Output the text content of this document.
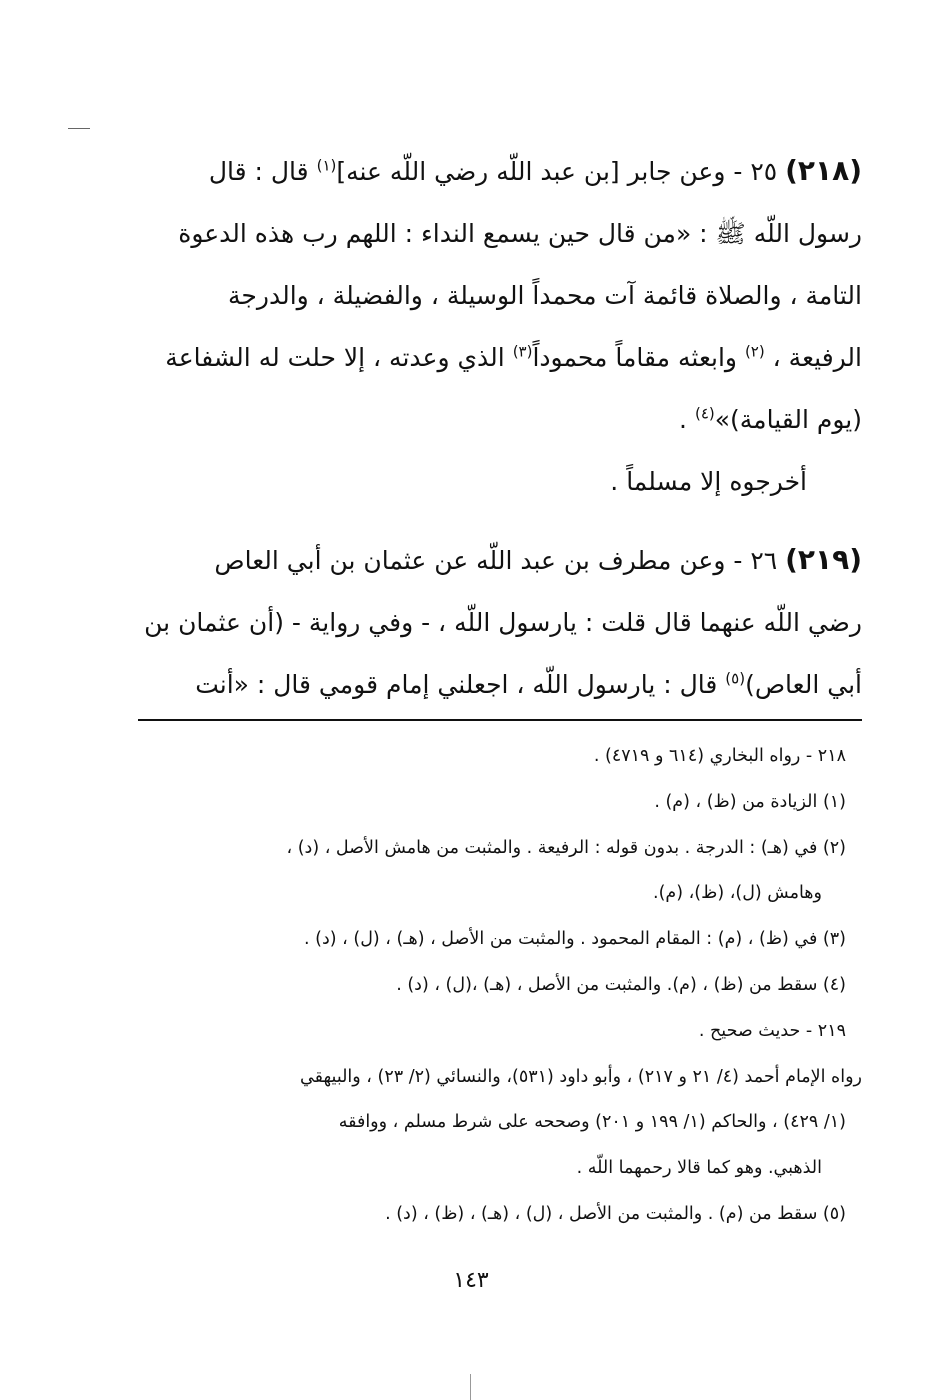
(٢١٨) ٢٥ - وعن جابر [بن عبد اللّه رضي اللّه عنه]$^{(١)}$ قال : قال

رسول اللّه ﷺ : «من قال حين يسمع النداء : اللهم رب هذه الدعوة

التامة ، والصلاة قائمة آت محمداً الوسيلة ، والفضيلة ، والدرجة

الرفيعة ، $^{(٢)}$ وابعثه مقاماً محموداً$^{(٣)}$ الذي وعدته ، إلا حلت له الشفاعة

(يوم القيامة)»$^{(٤)}$ .

أخرجوه إلا مسلماً .

(٢١٩) ٢٦ - وعن مطرف بن عبد اللّه عن عثمان بن أبي العاص

رضي اللّه عنهما قال قلت : يارسول اللّه ، - وفي رواية - (أن عثمان بن

أبي العاص)$^{(٥)}$ قال : يارسول اللّه ، اجعلني إمام قومي قال : «أنت

٢١٨ - رواه البخاري (٦١٤ و ٤٧١٩) .

(١) الزيادة من (ظ) ، (م) .

(٢) في (هـ) : الدرجة . بدون قوله : الرفيعة . والمثبت من هامش الأصل ، (د) ،

وهامش (ل)، (ظ)، (م).

(٣) في (ظ) ، (م) : المقام المحمود . والمثبت من الأصل ، (هـ) ، (ل) ، (د) .

(٤) سقط من (ظ) ، (م). والمثبت من الأصل ، (هـ) ،(ل) ، (د) .

٢١٩ - حديث صحيح .

رواه الإمام أحمد (٤/ ٢١ و ٢١٧) ، وأبو داود (٥٣١)، والنسائي (٢/ ٢٣) ، والبيهقي

(١/ ٤٢٩) ، والحاكم (١/ ١٩٩ و ٢٠١) وصححه على شرط مسلم ، ووافقه

الذهبي. وهو كما قالا رحمهما اللّه .

(٥) سقط من (م) . والمثبت من الأصل ، (ل) ، (هـ) ، (ظ) ، (د) .

١٤٣
